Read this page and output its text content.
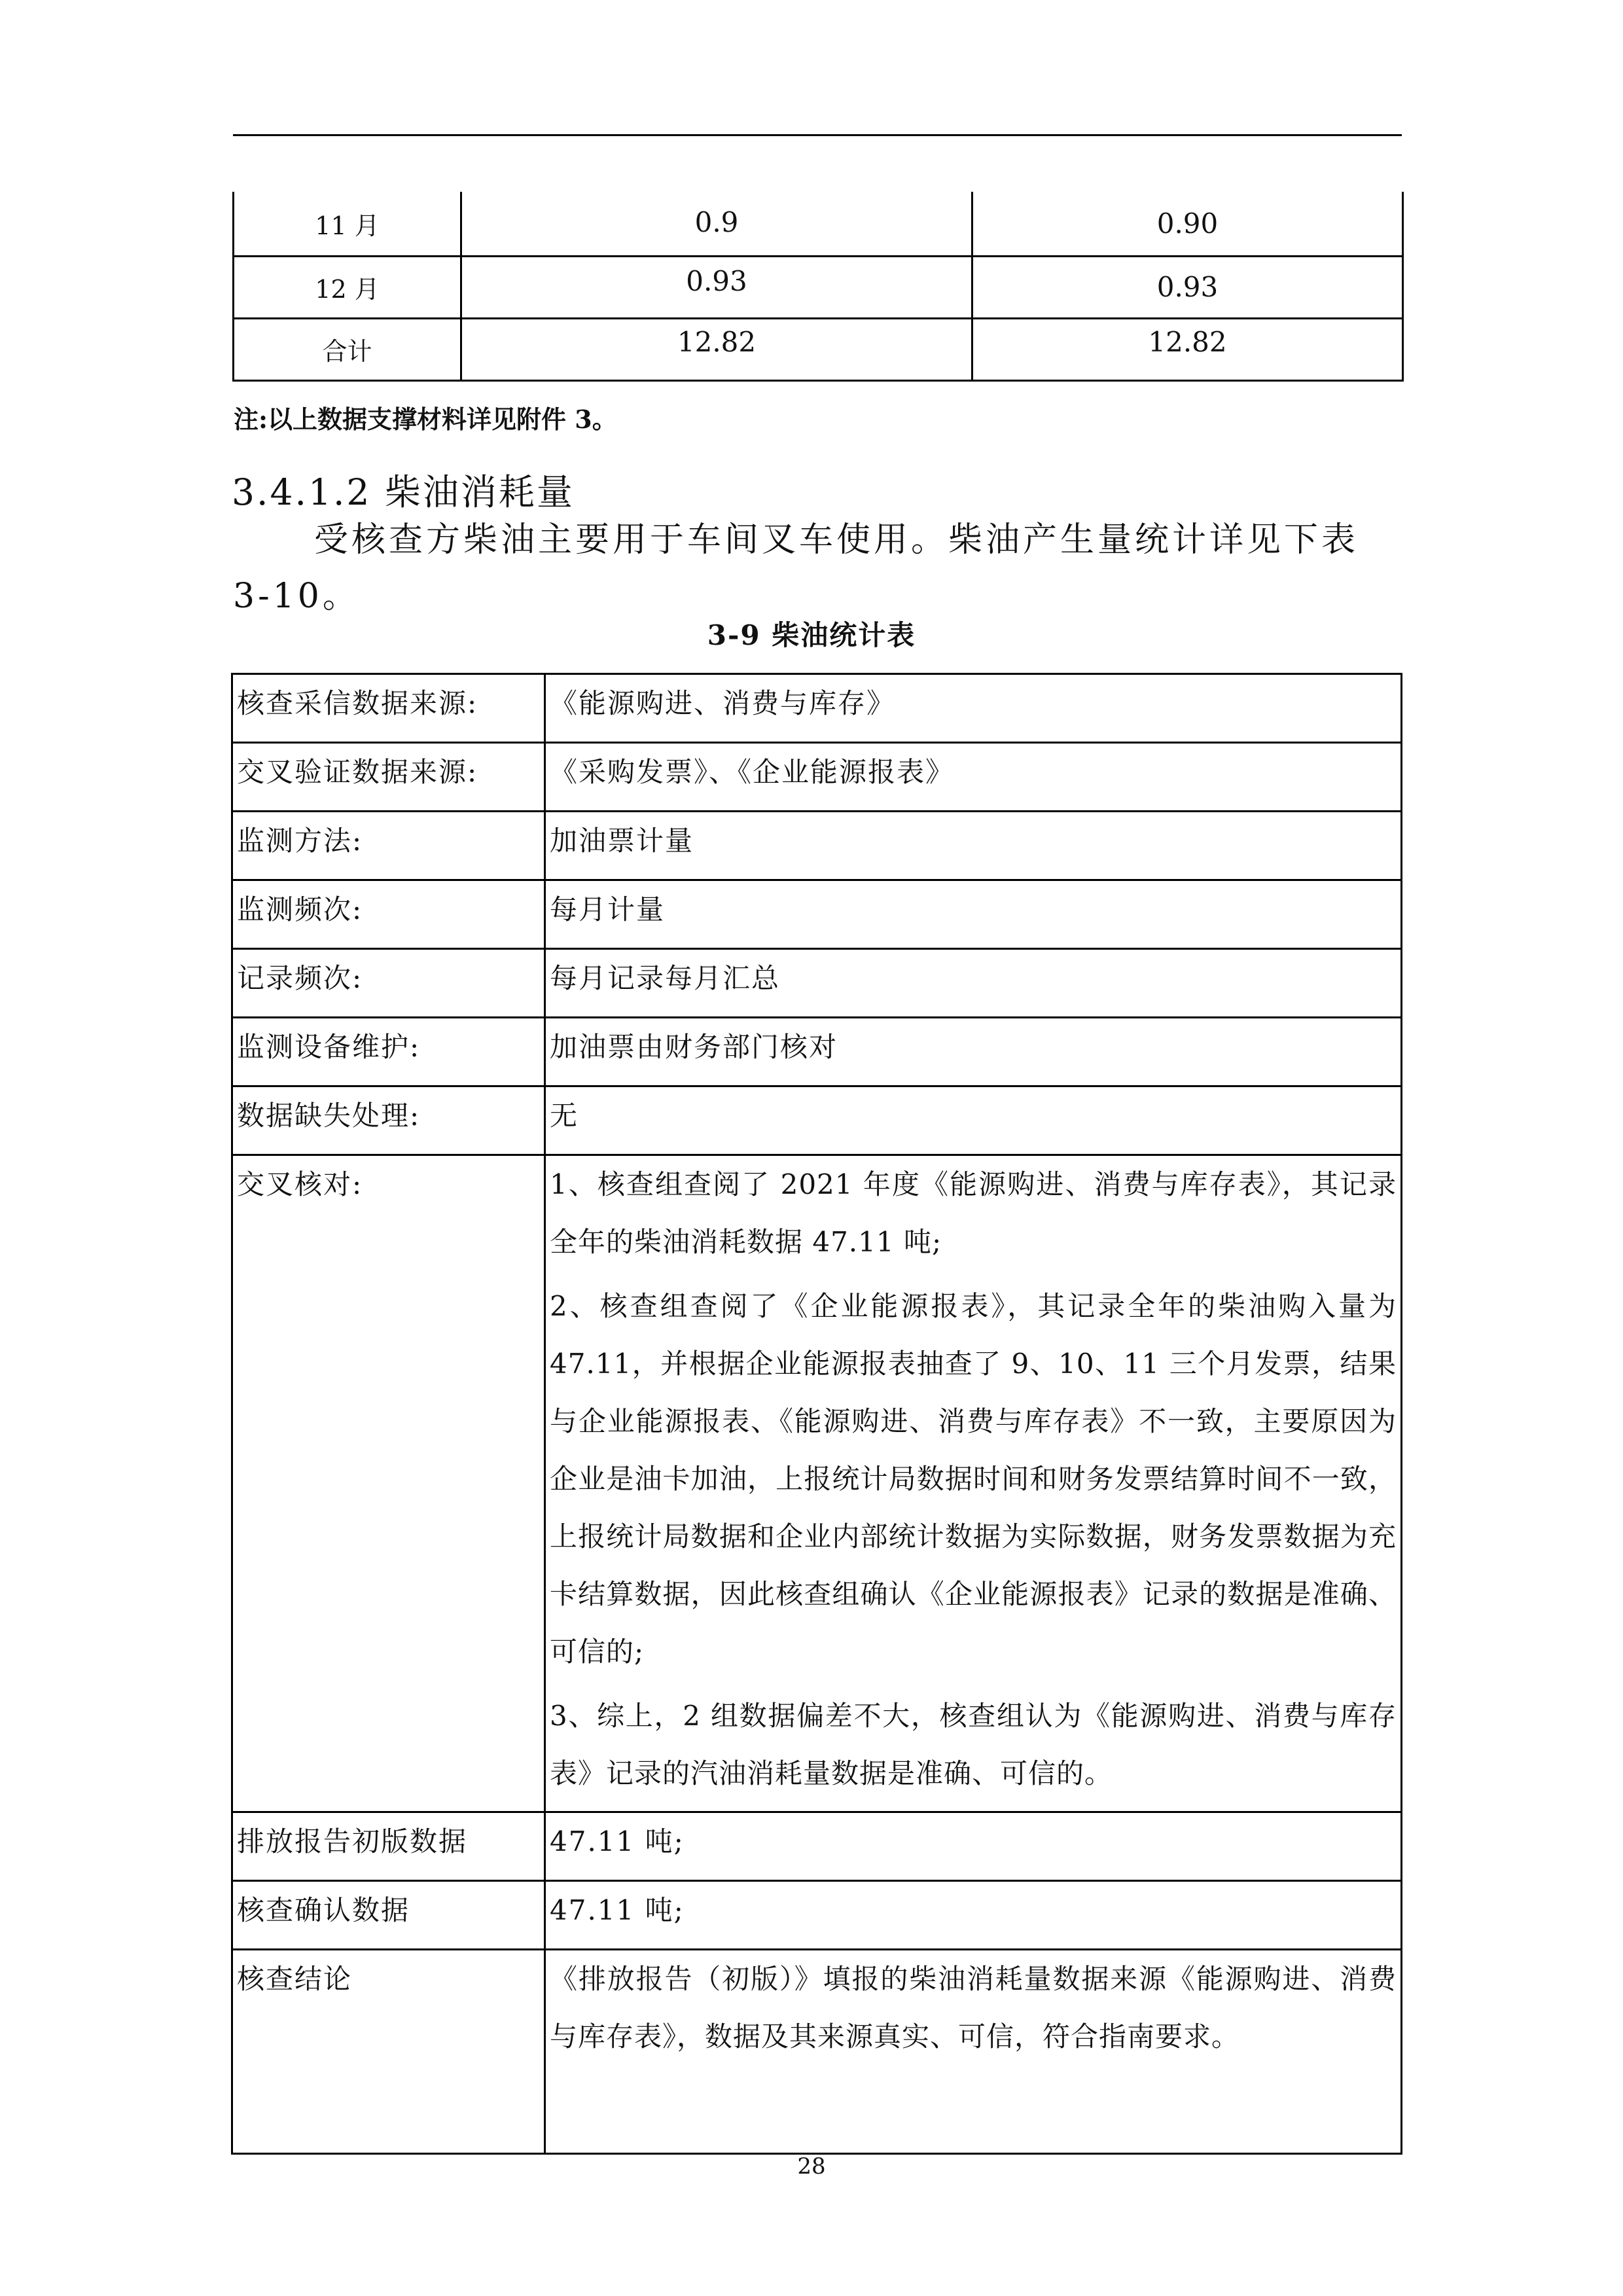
11 月	0.9	0.90
12 月	0.93	0.93
合计	12.82	12.82
注:以上数据支撑材料详见附件 3。
3.4.1.2 柴油消耗量
受核查方柴油主要用于车间叉车使用。柴油产生量统计详见下表 3-10。
3-9 柴油统计表
核查采信数据来源:	《能源购进、消费与库存》
交叉验证数据来源:	《采购发票》、《企业能源报表》
监测方法:	加油票计量
监测频次:	每月计量
记录频次:	每月记录每月汇总
监测设备维护:	加油票由财务部门核对
数据缺失处理:	无
交叉核对:	1、核查组查阅了 2021 年度《能源购进、消费与库存表》，其记录全年的柴油消耗数据 47.11 吨;

2、核查组查阅了《企业能源报表》，其记录全年的柴油购入量为 47.11，并根据企业能源报表抽查了 9、10、11 三个月发票，结果与企业能源报表、《能源购进、消费与库存表》不一致，主要原因为企业是油卡加油，上报统计局数据时间和财务发票结算时间不一致，上报统计局数据和企业内部统计数据为实际数据，财务发票数据为充卡结算数据，因此核查组确认《企业能源报表》记录的数据是准确、可信的;

3、综上，2 组数据偏差不大，核查组认为《能源购进、消费与库存表》记录的汽油消耗量数据是准确、可信的。

排放报告初版数据	47.11 吨;
核查确认数据	47.11 吨;
核查结论	《排放报告（初版）》填报的柴油消耗量数据来源《能源购进、消费与库存表》，数据及其来源真实、可信，符合指南要求。

28
